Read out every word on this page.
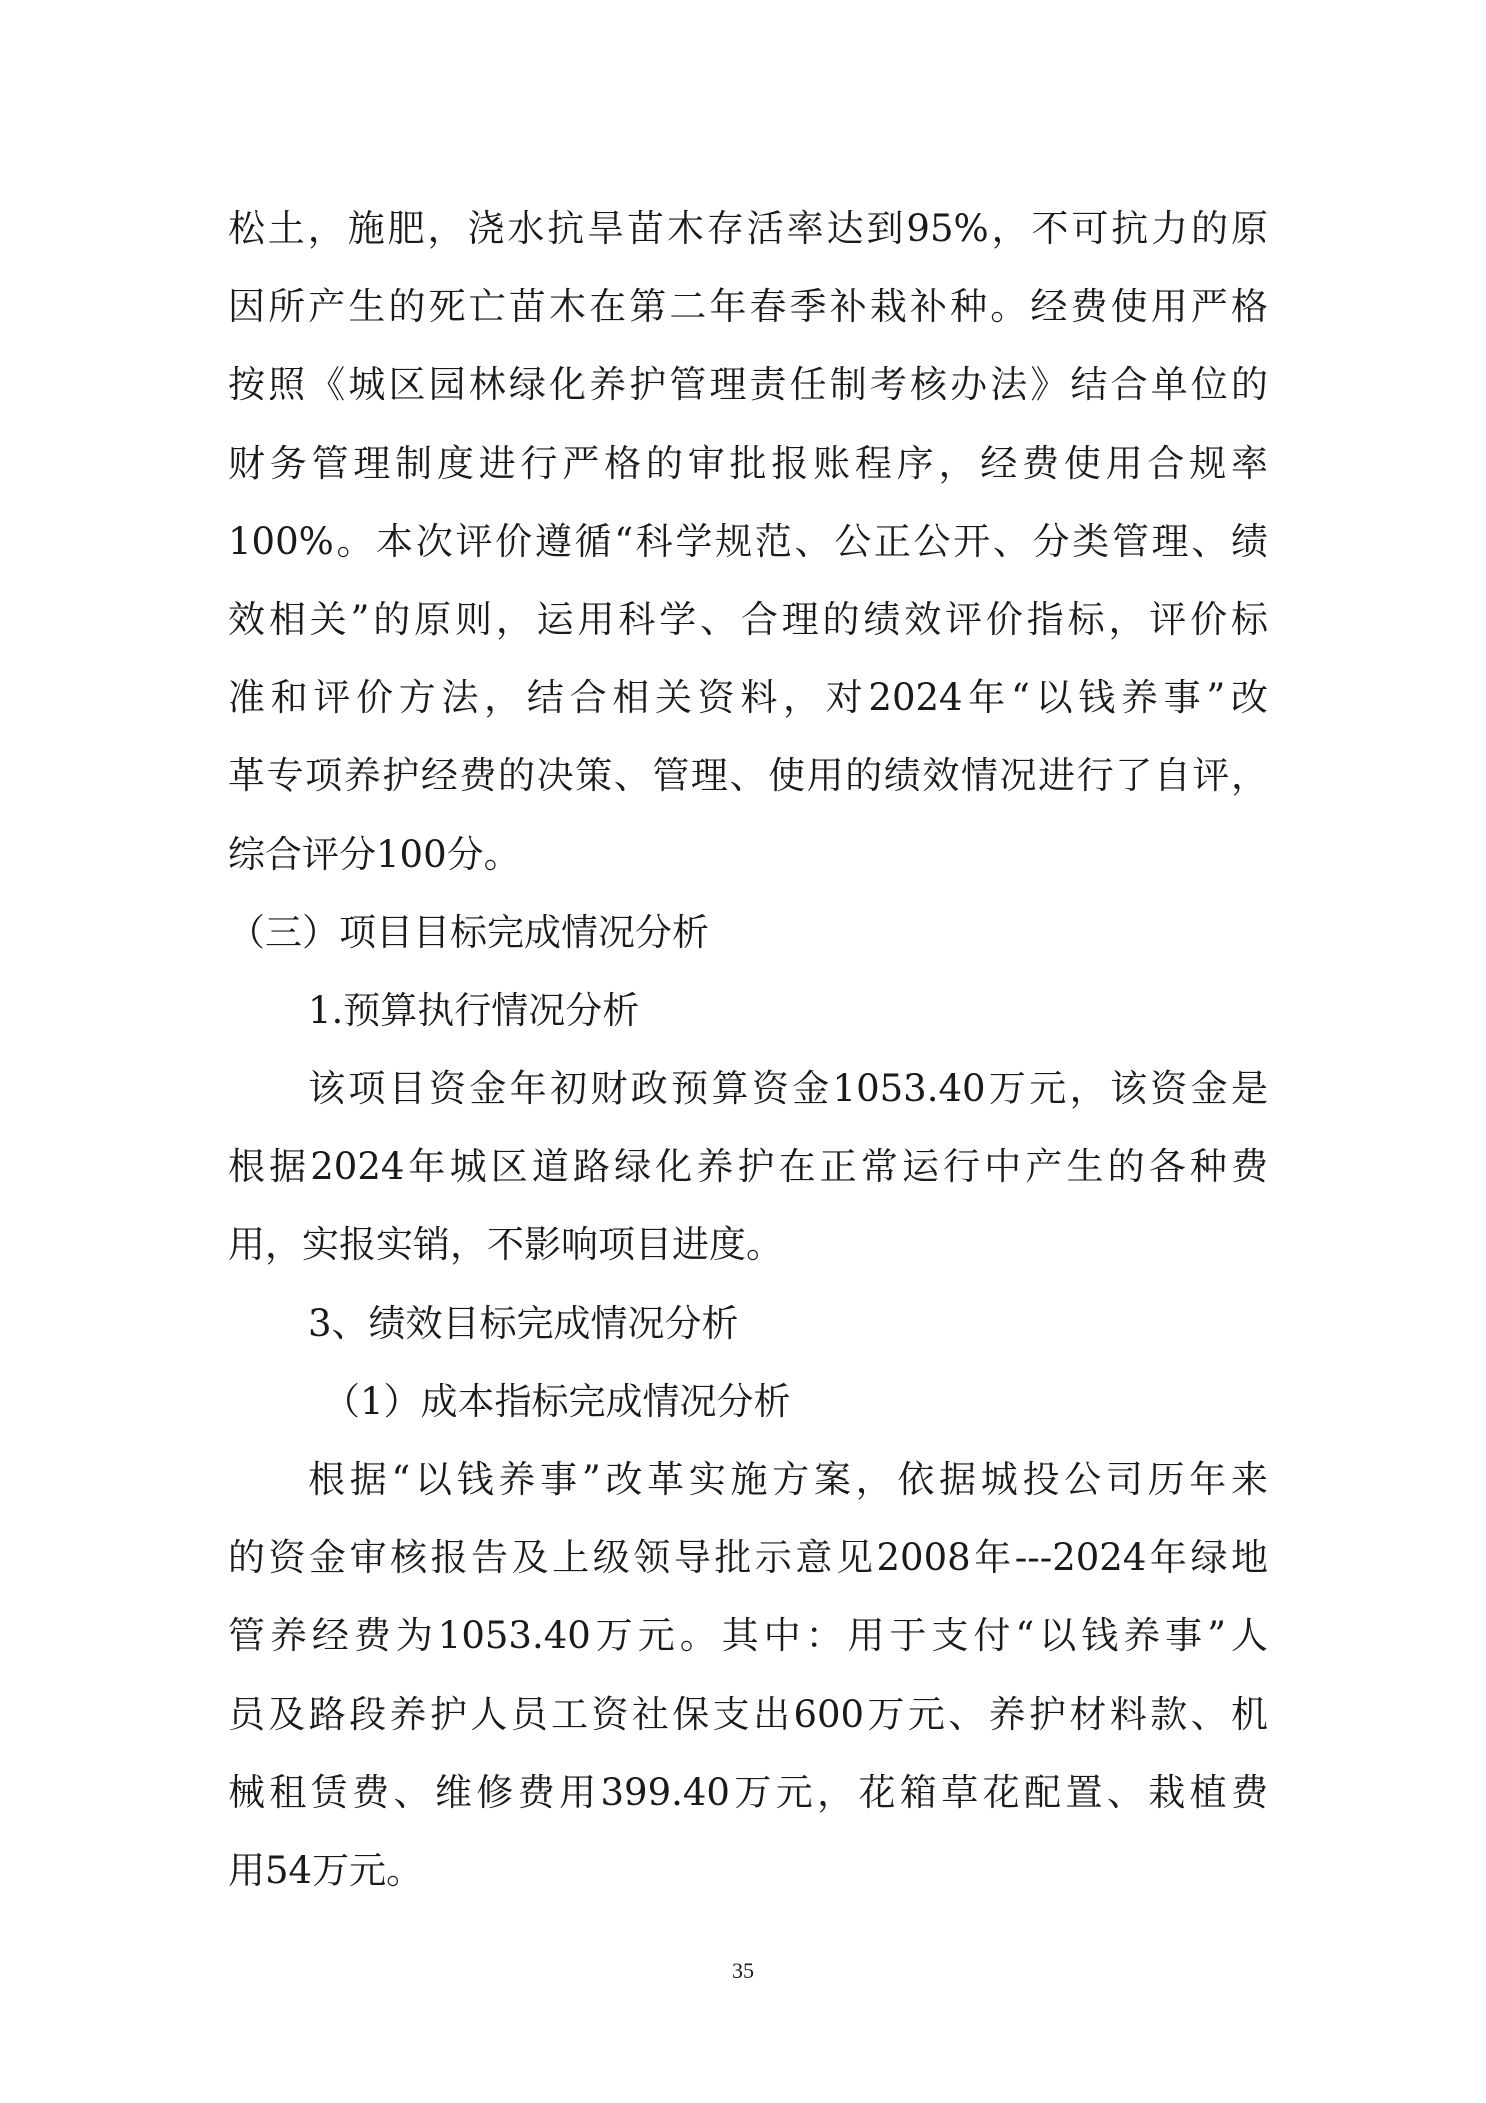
松土，施肥，浇水抗旱苗木存活率达到95%，不可抗力的原
因所产生的死亡苗木在第二年春季补栽补种。经费使用严格
按照《城区园林绿化养护管理责任制考核办法》结合单位的
财务管理制度进行严格的审批报账程序，经费使用合规率
100%。本次评价遵循“科学规范、公正公开、分类管理、绩
效相关”的原则，运用科学、合理的绩效评价指标，评价标
准和评价方法，结合相关资料，对2024年“以钱养事”改
革专项养护经费的决策、管理、使用的绩效情况进行了自评，
综合评分100分。
（三）项目目标完成情况分析
1.预算执行情况分析
该项目资金年初财政预算资金1053.40万元，该资金是
根据2024年城区道路绿化养护在正常运行中产生的各种费
用，实报实销，不影响项目进度。
3、绩效目标完成情况分析
（1）成本指标完成情况分析
根据“以钱养事”改革实施方案，依据城投公司历年来
的资金审核报告及上级领导批示意见2008年---2024年绿地
管养经费为1053.40万元。其中：用于支付“以钱养事”人
员及路段养护人员工资社保支出600万元、养护材料款、机
械租赁费、维修费用399.40万元，花箱草花配置、栽植费
用54万元。
35
